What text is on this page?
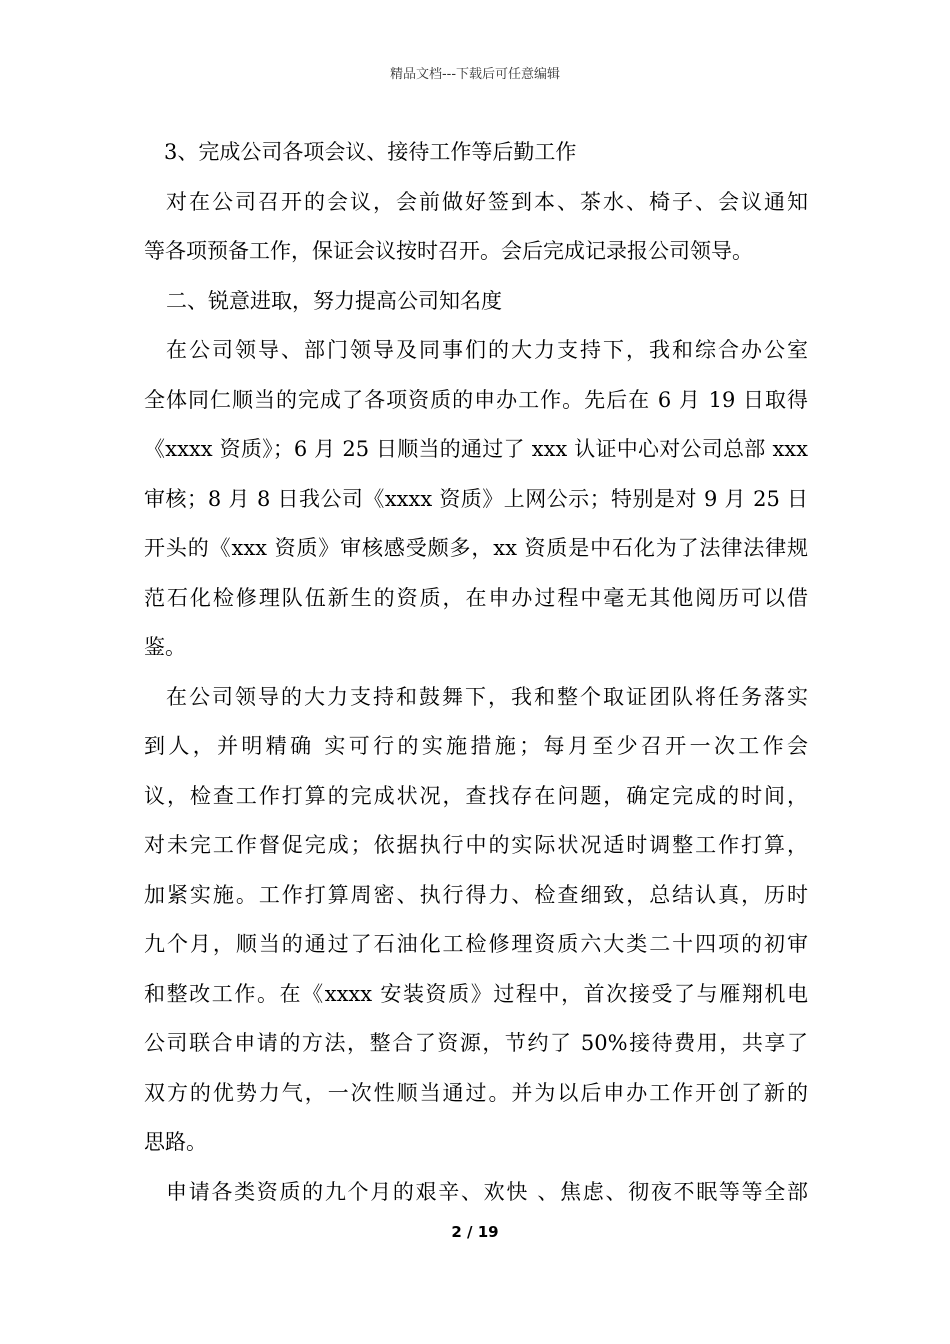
精品文档---下载后可任意编辑
3、完成公司各项会议、接待工作等后勤工作
对在公司召开的会议，会前做好签到本、茶水、椅子、会议通知
等各项预备工作，保证会议按时召开。会后完成记录报公司领导。
二、锐意进取，努力提高公司知名度
在公司领导、部门领导及同事们的大力支持下，我和综合办公室
全体同仁顺当的完成了各项资质的申办工作。先后在 6 月 19 日取得
《xxxx 资质》；6 月 25 日顺当的通过了 xxx 认证中心对公司总部 xxx
审核；8 月 8 日我公司《xxxx 资质》上网公示；特别是对 9 月 25 日
开头的《xxx 资质》审核感受颇多，xx 资质是中石化为了法律法律规
范石化检修理队伍新生的资质，在申办过程中毫无其他阅历可以借
鉴。
在公司领导的大力支持和鼓舞下，我和整个取证团队将任务落实
到人，并明精确 实可行的实施措施；每月至少召开一次工作会
议，检查工作打算的完成状况，查找存在问题，确定完成的时间，
对未完工作督促完成；依据执行中的实际状况适时调整工作打算，
加紧实施。工作打算周密、执行得力、检查细致，总结认真，历时
九个月，顺当的通过了石油化工检修理资质六大类二十四项的初审
和整改工作。在《xxxx 安装资质》过程中，首次接受了与雁翔机电
公司联合申请的方法，整合了资源，节约了 50%接待费用，共享了
双方的优势力气，一次性顺当通过。并为以后申办工作开创了新的
思路。
申请各类资质的九个月的艰辛、欢快 、焦虑、彻夜不眠等等全部
2 / 19
